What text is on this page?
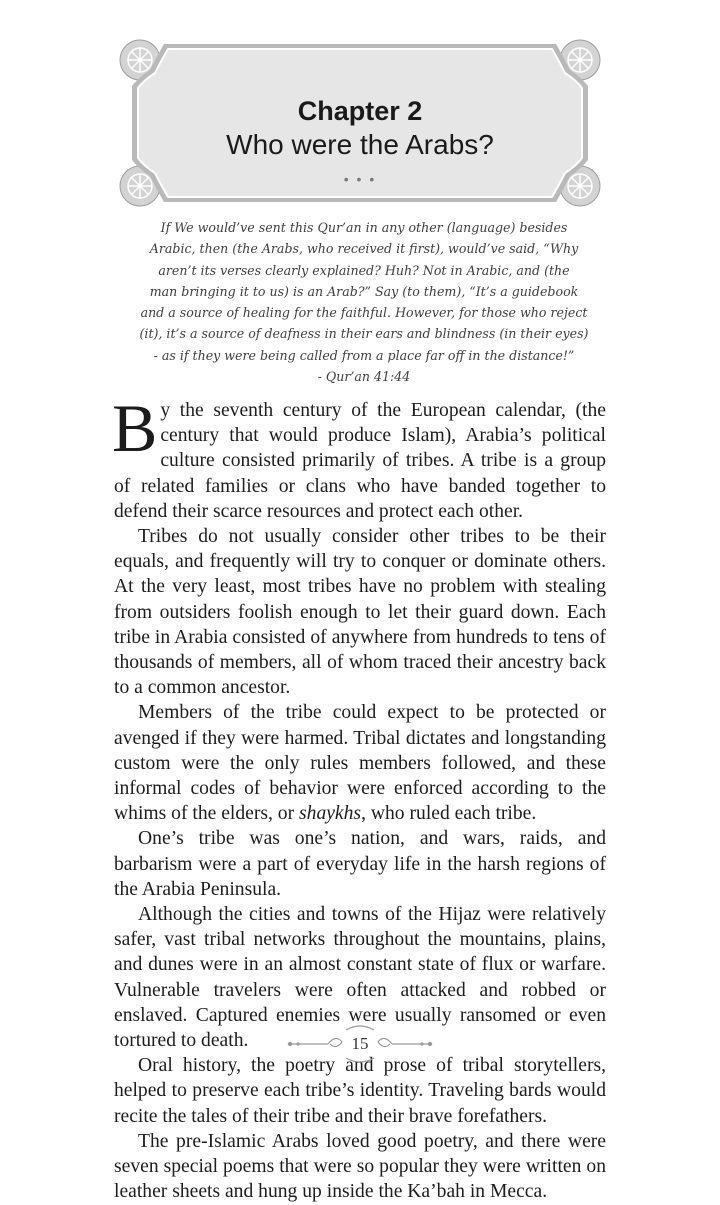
Chapter 2
Who were the Arabs?
• • •
If We would’ve sent this Qur’an in any other (language) besides
Arabic, then (the Arabs, who received it first), would’ve said, “Why
aren’t its verses clearly explained? Huh? Not in Arabic, and (the
man bringing it to us) is an Arab?” Say (to them), “It’s a guidebook
and a source of healing for the faithful. However, for those who reject
(it), it’s a source of deafness in their ears and blindness (in their eyes)
- as if they were being called from a place far off in the distance!”
- Qur’an 41:44

By the seventh century of the European calendar, (the century that would produce Islam), Arabia’s political culture consisted primarily of tribes. A tribe is a group of related families or clans who have banded together to defend their scarce resources and protect each other.

Tribes do not usually consider other tribes to be their equals, and frequently will try to conquer or dominate others. At the very least, most tribes have no problem with stealing from outsiders foolish enough to let their guard down. Each tribe in Arabia consisted of anywhere from hundreds to tens of thousands of members, all of whom traced their ancestry back to a common ancestor.

Members of the tribe could expect to be protected or avenged if they were harmed. Tribal dictates and longstanding custom were the only rules members followed, and these informal codes of behavior were enforced according to the whims of the elders, or shaykhs, who ruled each tribe.

One’s tribe was one’s nation, and wars, raids, and barbarism were a part of everyday life in the harsh regions of the Arabia Peninsula.

Although the cities and towns of the Hijaz were relatively safer, vast tribal networks throughout the mountains, plains, and dunes were in an almost constant state of flux or warfare. Vulnerable travelers were often attacked and robbed or enslaved. Captured enemies were usually ransomed or even tortured to death.

Oral history, the poetry and prose of tribal storytellers, helped to preserve each tribe’s identity. Traveling bards would recite the tales of their tribe and their brave forefathers.

The pre-Islamic Arabs loved good poetry, and there were seven special poems that were so popular they were written on leather sheets and hung up inside the Ka’bah in Mecca.

15
